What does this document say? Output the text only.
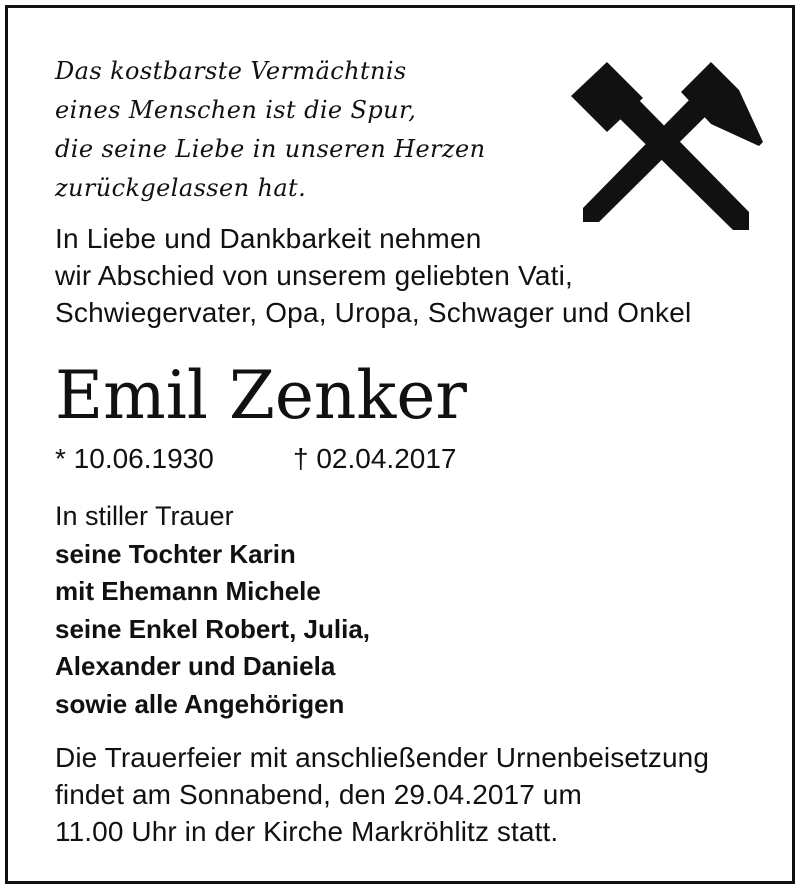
Das kostbarste Vermächtnis
eines Menschen ist die Spur,
die seine Liebe in unseren Herzen
zurückgelassen hat.
In Liebe und Dankbarkeit nehmen
wir Abschied von unserem geliebten Vati,
Schwiegervater, Opa, Uropa, Schwager und Onkel
Emil Zenker
* 10.06.1930	† 02.04.2017
In stiller Trauer
seine Tochter Karin
mit Ehemann Michele
seine Enkel Robert, Julia,
Alexander und Daniela
sowie alle Angehörigen
Die Trauerfeier mit anschließender Urnenbeisetzung
findet am Sonnabend, den 29.04.2017 um
11.00 Uhr in der Kirche Markröhlitz statt.
